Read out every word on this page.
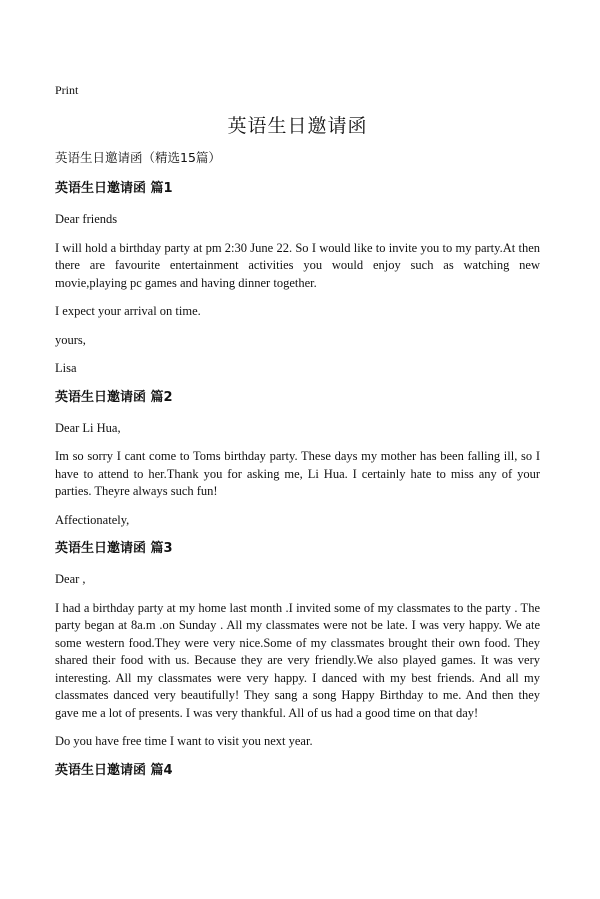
Print
英语生日邀请函
英语生日邀请函（精选15篇）
英语生日邀请函 篇1
Dear friends
I will hold a birthday party at pm 2:30 June 22. So I would like to invite you to my party.At then there are favourite entertainment activities you would enjoy such as watching new movie,playing pc games and having dinner together.
I expect your arrival on time.
yours,
Lisa
英语生日邀请函 篇2
Dear Li Hua,
Im so sorry I cant come to Toms birthday party. These days my mother has been falling ill, so I have to attend to her.Thank you for asking me, Li Hua. I certainly hate to miss any of your parties. Theyre always such fun!
Affectionately,
英语生日邀请函 篇3
Dear ,
I had a birthday party at my home last month .I invited some of my classmates to the party . The party began at 8a.m .on Sunday . All my classmates were not be late. I was very happy. We ate some western food.They were very nice.Some of my classmates brought their own food. They shared their food with us. Because they are very friendly.We also played games. It was very interesting. All my classmates were very happy. I danced with my best friends. And all my classmates danced very beautifully! They sang a song Happy Birthday to me. And then they gave me a lot of presents. I was very thankful. All of us had a good time on that day!
Do you have free time I want to visit you next year.
英语生日邀请函 篇4
